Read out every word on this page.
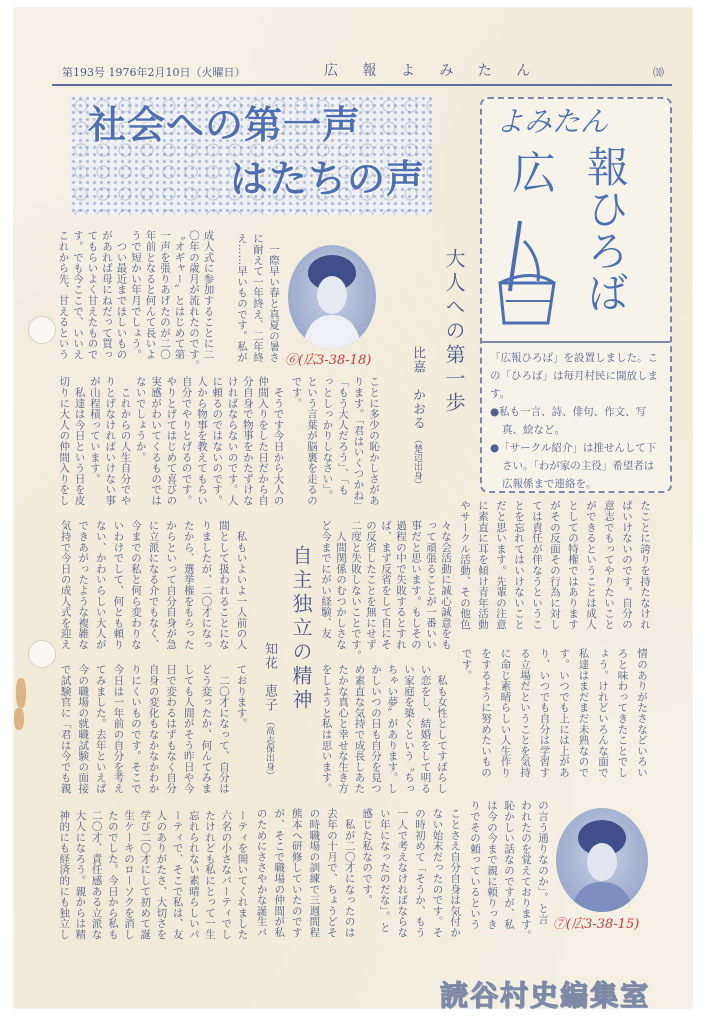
第193号 1976年2月10日（火曜日）	広 報 よ み た ん	⑽
社会への第一声
はたちの声
よみたん
広 報ひろば

「広報ひろば」を設置しました。この「ひろば」は毎月村民に開放します。

●私も一言、詩、俳句、作文、写真、絵など。

●「サークル紹介」は推せんして下さい。「わが家の主役」希望者は広報係まで連絡を。

大人への第一歩
比嘉　かおる （楚辺出身）
⑥(広3-38-18)
自主独立の精神
知花　恵子 （高志保出身）
⑦(広3-38-15)
　一際早い春と真夏の暑さ
に耐えて一年終え、二年終
え……早いものです。私が
成人式に参加することに二
〇年の歳月が流れたのです。
〝オギャー〟とはじめて第
一声を張りあげたのが二〇
年前となると何んて長いよ
うで短かい年月でしょう。
　つい最近までほしいもの
があれば母にねだって買っ
てもらいよく甘えたもので
す。でも今ここで、いいえ
これから先、甘えるという
ことに多少の恥かしさがあ
ります。「君はいくつかね」
「もう大人だろう」、「も
っとしっかりしなさい」。
という言葉が脳裏を走るの
です。
　そうです今日から大人の
仲間入りをした日だから自
分自身で物事をかたずけな
ければならないのです。人
に頼るのではないのです。
人から物事を教えてもらい
自分でやりとげるのです。
やりとげてはじめて喜びの
実感がわいてくるものでは
ないでしょうか。
　これからの人生自分でや
りとげなければいけない事
が山程積っています。
　私達は今日という日を皮
切りに大人の仲間入りをし
たことに誇りを持たなけれ
ばいけないのです。自分の
意志でもってやりたいこと
ができるということは成人
としての特権ではあります
がその反面その行為に対し
ては責任が伴なうというこ
とを忘れてはいけないこと
だと思います。先輩の注意
に素直に耳を傾け青年活動
やサークル活動、その他色
々な会活動に誠心誠意をも
って頑張ることが一番いい
事だと思います。もしその
過程の中で失敗するとすれ
ば、まず反省をして自にそ
の反省したことを無にせず
二度と失敗しないことです。
　人間関係のむつかしさな
ど今までにがい経験、友
　私もいよいよ一人前の人
間として扱われることにな
りましたが、二〇才になっ
たから、選挙権をもらった
からといって自分自身が急
に立派になる介でもなく、
今までの私と何ら変わりな
いわけでして、何とも頼り
ない、かわいらしい大人が
できあがったような複雑な
気持で今日の成人式を迎え
情のありがたさなどいろい
ろと味わってきたことでし
ょう。けれどいろんな面で
私達はまだまだ未熟なので
す。いつでも上には上があ
り、いつでも自分は学習す
る立場だということを気持
に命じ素晴らしい人生作り
をするように努めたいもの
です。
　私も女性としてすばらし
い恋をし、結婚をして明る
い家庭を築くという〝ちっ
ちゃい夢〟があります。し
かしいつの日も自分を見つ
め素直な気持で成長しあた
たかな真心と幸せな生き方
をしようと私は思います。
ております。
　二〇才になって、自分は
どう変ったか、何んてみま
しても人間がそう昨日や今
日で変わるはずもなく自分
自身の変化もなかなかわか
りにくいものです。そこで
今日は一年前の自分を考え
てみました。去年といえば
今の職場の就職試験の面接
で試験官に「君は今でも親
の言う通りなのか」。と言
われたのを覚えております。
恥かしい話なのですが、私
は今の今まで親に頼りっき
りでその頼っているという
ことさえ自分自身は気付か
ない始末だったのです。そ
の時初めて「そうか、もう
一人で考えなければならな
い年になったのだな」。と
感じた私なのです。
　私が二〇才になったのは
去年の十月で、ちょうどそ
の時職場の訓練で三週間程
熊本へ研修していたのです
が、そこで職場の仲間が私
のためにささやかな誕生パ
ーティを開いてくれました
六名の小さなパーティでし
たけれども私にとって一生
忘れられない素晴らしいパ
ーティで、そこで私は、友
人のありがたさ、大切さを
学び二〇才にして初めて誕
生ケーキのローソクを消し
たのでした。今日から私も
二〇才、責任感ある立派な
大人になろう。親からは精
神的にも経済的にも独立し
読谷村史編集室
